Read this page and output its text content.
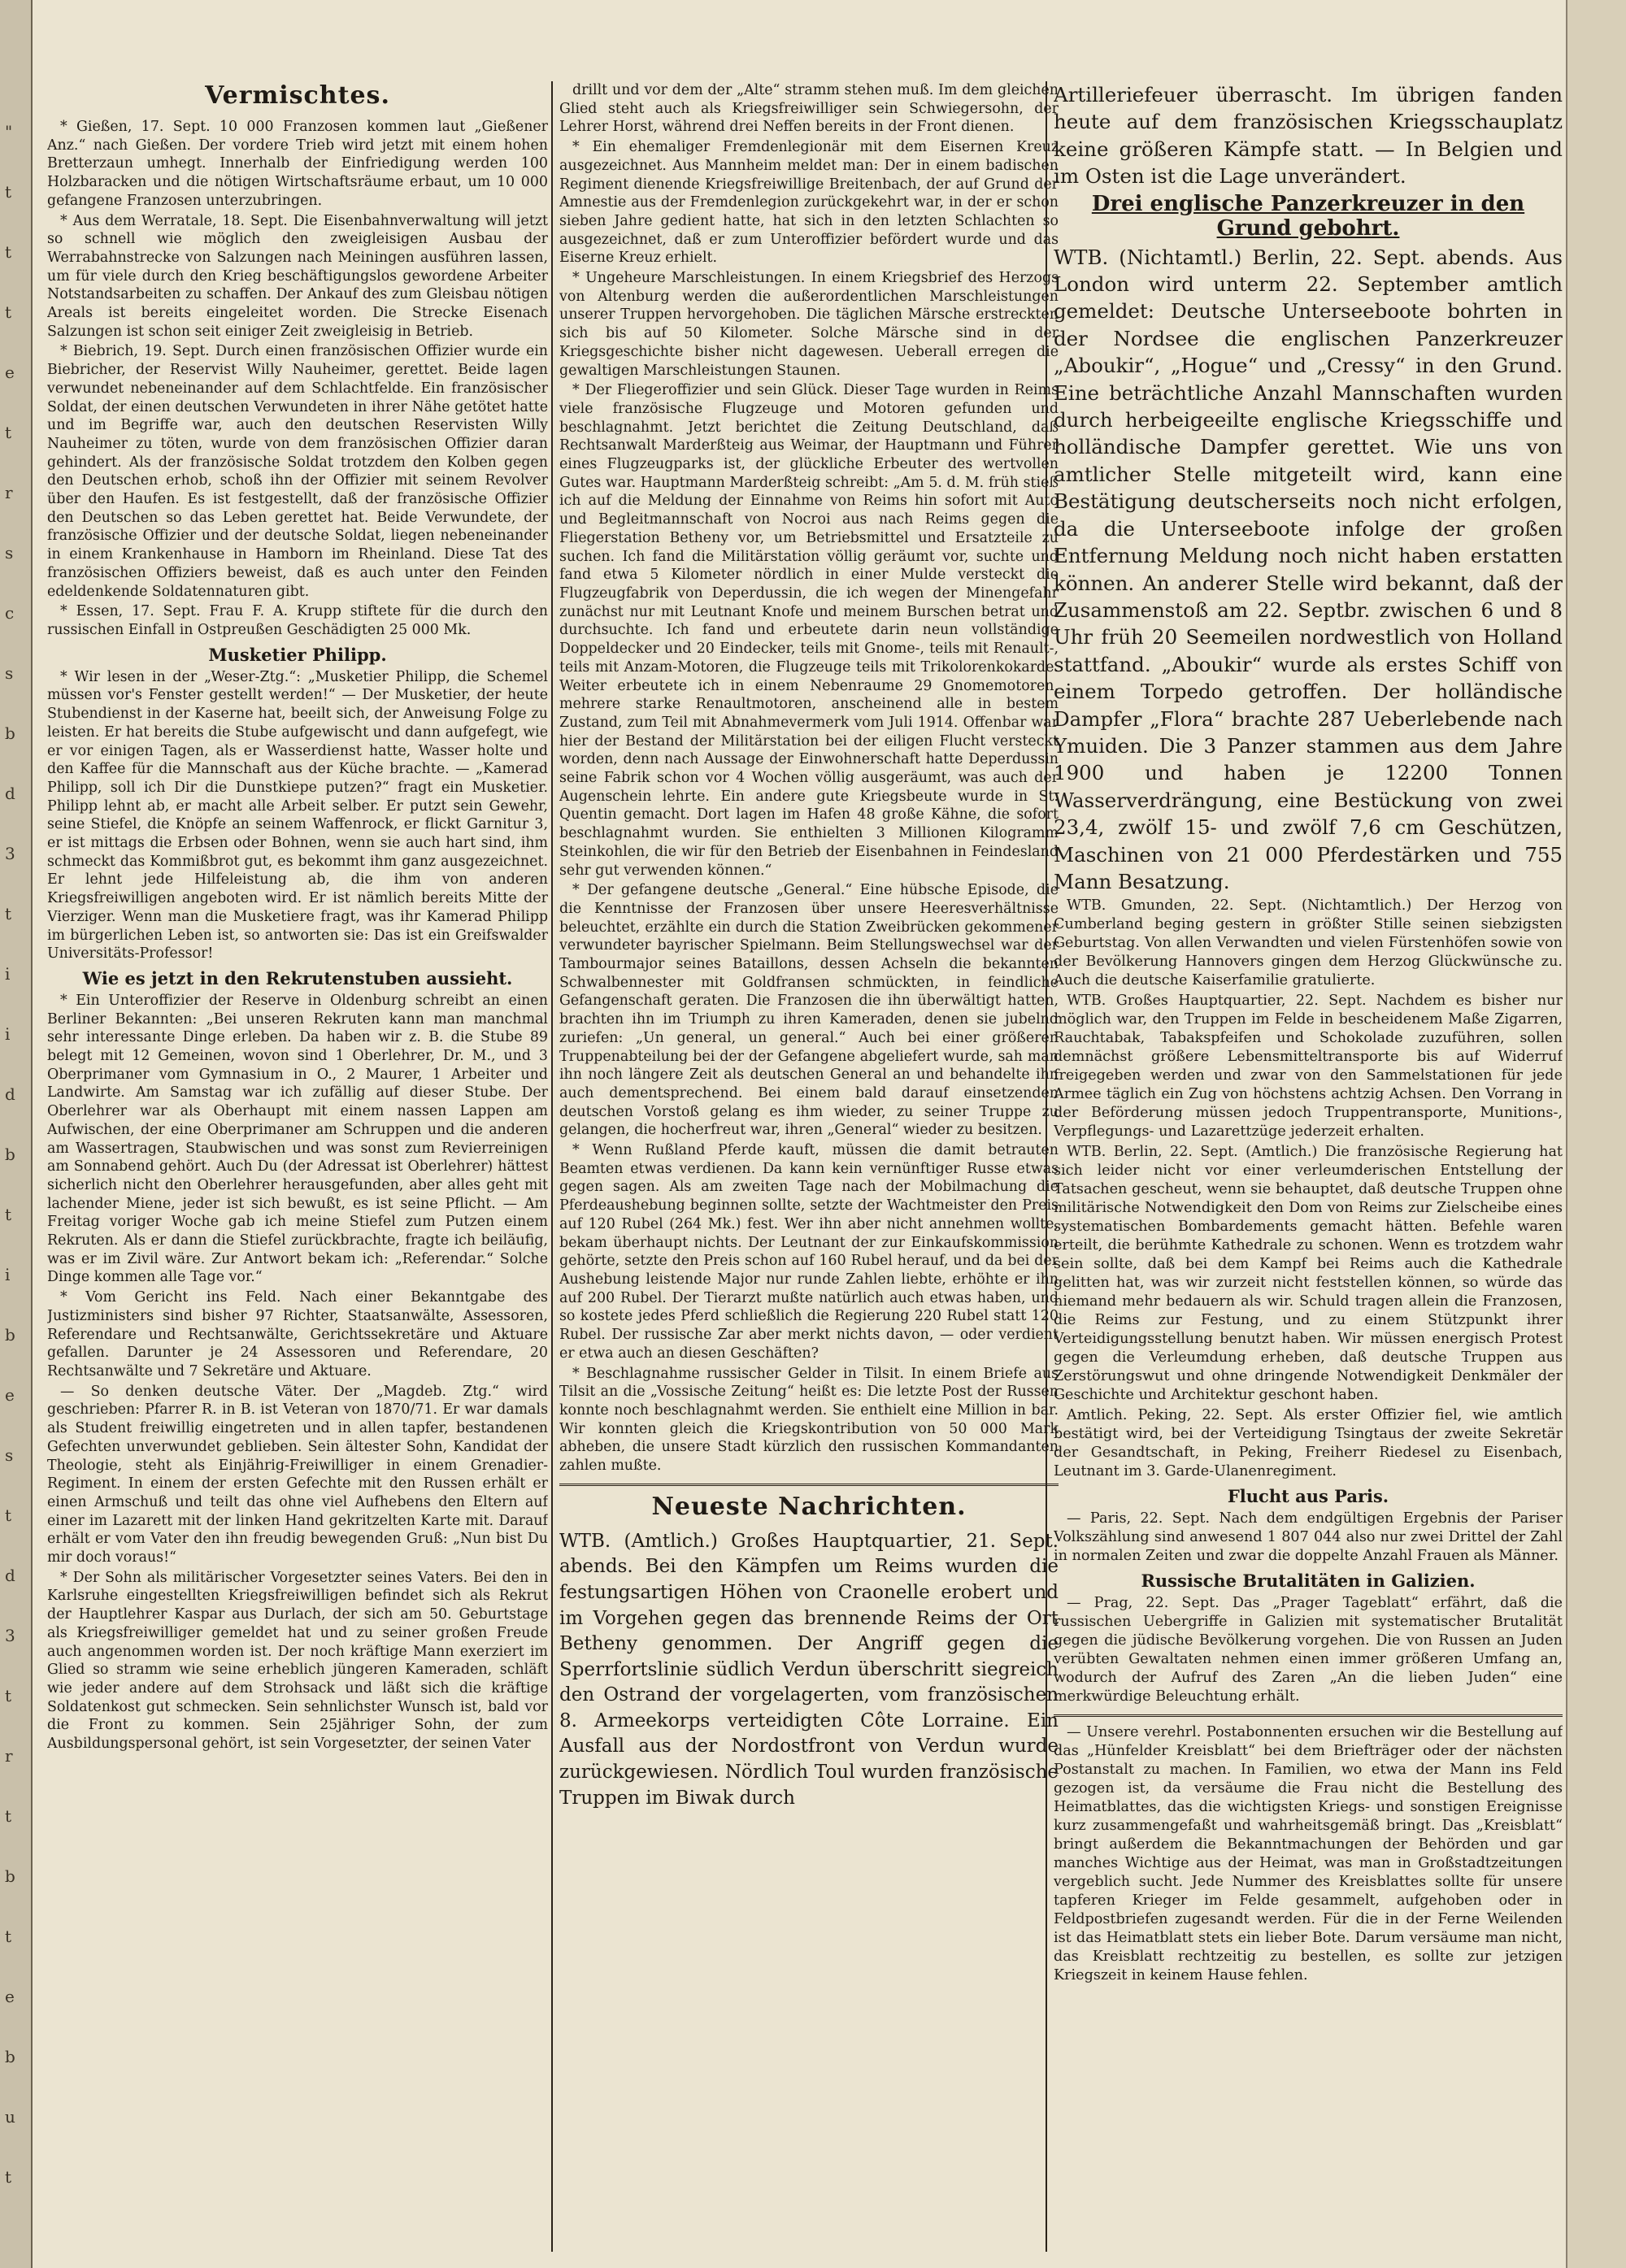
"
t
t
t
e
t
r
s
c
s
b
d
3
t
i
i
d
b
t
i
b
e
s
t
d
3
t
r
t
b
t
e
b
u
t
Vermischtes.

* Gießen, 17. Sept. 10 000 Franzosen kommen laut „Gießener Anz.“ nach Gießen. Der vordere Trieb wird jetzt mit einem hohen Bretterzaun umhegt. Innerhalb der Einfriedigung werden 100 Holzbaracken und die nötigen Wirtschaftsräume erbaut, um 10 000 gefangene Franzosen unterzubringen.

* Aus dem Werratale, 18. Sept. Die Eisenbahnverwaltung will jetzt so schnell wie möglich den zweigleisigen Ausbau der Werrabahnstrecke von Salzungen nach Meiningen ausführen lassen, um für viele durch den Krieg beschäftigungslos gewordene Arbeiter Notstandsarbeiten zu schaffen. Der Ankauf des zum Gleisbau nötigen Areals ist bereits eingeleitet worden. Die Strecke Eisenach Salzungen ist schon seit einiger Zeit zweigleisig in Betrieb.

* Biebrich, 19. Sept. Durch einen französischen Offizier wurde ein Biebricher, der Reservist Willy Nauheimer, gerettet. Beide lagen verwundet nebeneinander auf dem Schlachtfelde. Ein französischer Soldat, der einen deutschen Verwundeten in ihrer Nähe getötet hatte und im Begriffe war, auch den deutschen Reservisten Willy Nauheimer zu töten, wurde von dem französischen Offizier daran gehindert. Als der französische Soldat trotzdem den Kolben gegen den Deutschen erhob, schoß ihn der Offizier mit seinem Revolver über den Haufen. Es ist festgestellt, daß der französische Offizier den Deutschen so das Leben gerettet hat. Beide Verwundete, der französische Offizier und der deutsche Soldat, liegen nebeneinander in einem Krankenhause in Hamborn im Rheinland. Diese Tat des französischen Offiziers beweist, daß es auch unter den Feinden edeldenkende Soldatennaturen gibt.

* Essen, 17. Sept. Frau F. A. Krupp stiftete für die durch den russischen Einfall in Ostpreußen Geschädigten 25 000 Mk.

Musketier Philipp.

* Wir lesen in der „Weser-Ztg.“: „Musketier Philipp, die Schemel müssen vor's Fenster gestellt werden!“ — Der Musketier, der heute Stubendienst in der Kaserne hat, beeilt sich, der Anweisung Folge zu leisten. Er hat bereits die Stube aufgewischt und dann aufgefegt, wie er vor einigen Tagen, als er Wasserdienst hatte, Wasser holte und den Kaffee für die Mannschaft aus der Küche brachte. — „Kamerad Philipp, soll ich Dir die Dunstkiepe putzen?“ fragt ein Musketier. Philipp lehnt ab, er macht alle Arbeit selber. Er putzt sein Gewehr, seine Stiefel, die Knöpfe an seinem Waffenrock, er flickt Garnitur 3, er ist mittags die Erbsen oder Bohnen, wenn sie auch hart sind, ihm schmeckt das Kommißbrot gut, es bekommt ihm ganz ausgezeichnet. Er lehnt jede Hilfeleistung ab, die ihm von anderen Kriegsfreiwilligen angeboten wird. Er ist nämlich bereits Mitte der Vierziger. Wenn man die Musketiere fragt, was ihr Kamerad Philipp im bürgerlichen Leben ist, so antworten sie: Das ist ein Greifswalder Universitäts-Professor!

Wie es jetzt in den Rekrutenstuben aussieht.

* Ein Unteroffizier der Reserve in Oldenburg schreibt an einen Berliner Bekannten: „Bei unseren Rekruten kann man manchmal sehr interessante Dinge erleben. Da haben wir z. B. die Stube 89 belegt mit 12 Gemeinen, wovon sind 1 Oberlehrer, Dr. M., und 3 Oberprimaner vom Gymnasium in O., 2 Maurer, 1 Arbeiter und Landwirte. Am Samstag war ich zufällig auf dieser Stube. Der Oberlehrer war als Oberhaupt mit einem nassen Lappen am Aufwischen, der eine Oberprimaner am Schruppen und die anderen am Wassertragen, Staubwischen und was sonst zum Revierreinigen am Sonnabend gehört. Auch Du (der Adressat ist Oberlehrer) hättest sicherlich nicht den Oberlehrer herausgefunden, aber alles geht mit lachender Miene, jeder ist sich bewußt, es ist seine Pflicht. — Am Freitag voriger Woche gab ich meine Stiefel zum Putzen einem Rekruten. Als er dann die Stiefel zurückbrachte, fragte ich beiläufig, was er im Zivil wäre. Zur Antwort bekam ich: „Referendar.“ Solche Dinge kommen alle Tage vor.“

* Vom Gericht ins Feld. Nach einer Bekanntgabe des Justizministers sind bisher 97 Richter, Staatsanwälte, Assessoren, Referendare und Rechtsanwälte, Gerichtssekretäre und Aktuare gefallen. Darunter je 24 Assessoren und Referendare, 20 Rechtsanwälte und 7 Sekretäre und Aktuare.

— So denken deutsche Väter. Der „Magdeb. Ztg.“ wird geschrieben: Pfarrer R. in B. ist Veteran von 1870/71. Er war damals als Student freiwillig eingetreten und in allen tapfer, bestandenen Gefechten unverwundet geblieben. Sein ältester Sohn, Kandidat der Theologie, steht als Einjährig-Freiwilliger in einem Grenadier-Regiment. In einem der ersten Gefechte mit den Russen erhält er einen Armschuß und teilt das ohne viel Aufhebens den Eltern auf einer im Lazarett mit der linken Hand gekritzelten Karte mit. Darauf erhält er vom Vater den ihn freudig bewegenden Gruß: „Nun bist Du mir doch voraus!“

* Der Sohn als militärischer Vorgesetzter seines Vaters. Bei den in Karlsruhe eingestellten Kriegsfreiwilligen befindet sich als Rekrut der Hauptlehrer Kaspar aus Durlach, der sich am 50. Geburtstage als Kriegsfreiwilliger gemeldet hat und zu seiner großen Freude auch angenommen worden ist. Der noch kräftige Mann exerziert im Glied so stramm wie seine erheblich jüngeren Kameraden, schläft wie jeder andere auf dem Strohsack und läßt sich die kräftige Soldatenkost gut schmecken. Sein sehnlichster Wunsch ist, bald vor die Front zu kommen. Sein 25jähriger Sohn, der zum Ausbildungspersonal gehört, ist sein Vorgesetzter, der seinen Vater

drillt und vor dem der „Alte“ stramm stehen muß. Im dem gleichen Glied steht auch als Kriegsfreiwilliger sein Schwiegersohn, der Lehrer Horst, während drei Neffen bereits in der Front dienen.

* Ein ehemaliger Fremdenlegionär mit dem Eisernen Kreuz ausgezeichnet. Aus Mannheim meldet man: Der in einem badischen Regiment dienende Kriegsfreiwillige Breitenbach, der auf Grund der Amnestie aus der Fremdenlegion zurückgekehrt war, in der er schon sieben Jahre gedient hatte, hat sich in den letzten Schlachten so ausgezeichnet, daß er zum Unteroffizier befördert wurde und das Eiserne Kreuz erhielt.

* Ungeheure Marschleistungen. In einem Kriegsbrief des Herzogs von Altenburg werden die außerordentlichen Marschleistungen unserer Truppen hervorgehoben. Die täglichen Märsche erstreckten sich bis auf 50 Kilometer. Solche Märsche sind in der Kriegsgeschichte bisher nicht dagewesen. Ueberall erregen die gewaltigen Marschleistungen Staunen.

* Der Fliegeroffizier und sein Glück. Dieser Tage wurden in Reims viele französische Flugzeuge und Motoren gefunden und beschlagnahmt. Jetzt berichtet die Zeitung Deutschland, daß Rechtsanwalt Marderßteig aus Weimar, der Hauptmann und Führer eines Flugzeugparks ist, der glückliche Erbeuter des wertvollen Gutes war. Hauptmann Marderßteig schreibt: „Am 5. d. M. früh stieß ich auf die Meldung der Einnahme von Reims hin sofort mit Auto und Begleitmannschaft von Nocroi aus nach Reims gegen die Fliegerstation Betheny vor, um Betriebsmittel und Ersatzteile zu suchen. Ich fand die Militärstation völlig geräumt vor, suchte und fand etwa 5 Kilometer nördlich in einer Mulde versteckt die Flugzeugfabrik von Deperdussin, die ich wegen der Minengefahr zunächst nur mit Leutnant Knofe und meinem Burschen betrat und durchsuchte. Ich fand und erbeutete darin neun vollständige Doppeldecker und 20 Eindecker, teils mit Gnome-, teils mit Renault-, teils mit Anzam-Motoren, die Flugzeuge teils mit Trikolorenkokarde. Weiter erbeutete ich in einem Nebenraume 29 Gnomemotoren, mehrere starke Renaultmotoren, anscheinend alle in bestem Zustand, zum Teil mit Abnahmevermerk vom Juli 1914. Offenbar war hier der Bestand der Militärstation bei der eiligen Flucht versteckt worden, denn nach Aussage der Einwohnerschaft hatte Deperdussin seine Fabrik schon vor 4 Wochen völlig ausgeräumt, was auch der Augenschein lehrte. Ein andere gute Kriegsbeute wurde in St. Quentin gemacht. Dort lagen im Hafen 48 große Kähne, die sofort beschlagnahmt wurden. Sie enthielten 3 Millionen Kilogramm Steinkohlen, die wir für den Betrieb der Eisenbahnen in Feindesland sehr gut verwenden können.“

* Der gefangene deutsche „General.“ Eine hübsche Episode, die die Kenntnisse der Franzosen über unsere Heeresverhältnisse beleuchtet, erzählte ein durch die Station Zweibrücken gekommener verwundeter bayrischer Spielmann. Beim Stellungswechsel war der Tambourmajor seines Bataillons, dessen Achseln die bekannten Schwalbennester mit Goldfransen schmückten, in feindliche Gefangenschaft geraten. Die Franzosen die ihn überwältigt hatten, brachten ihn im Triumph zu ihren Kameraden, denen sie jubelnd zuriefen: „Un general, un general.“ Auch bei einer größeren Truppenabteilung bei der der Gefangene abgeliefert wurde, sah man ihn noch längere Zeit als deutschen General an und behandelte ihn auch dementsprechend. Bei einem bald darauf einsetzenden deutschen Vorstoß gelang es ihm wieder, zu seiner Truppe zu gelangen, die hocherfreut war, ihren „General“ wieder zu besitzen.

* Wenn Rußland Pferde kauft, müssen die damit betrauten Beamten etwas verdienen. Da kann kein vernünftiger Russe etwas gegen sagen. Als am zweiten Tage nach der Mobilmachung die Pferdeaushebung beginnen sollte, setzte der Wachtmeister den Preis auf 120 Rubel (264 Mk.) fest. Wer ihn aber nicht annehmen wollte, bekam überhaupt nichts. Der Leutnant der zur Einkaufskommission gehörte, setzte den Preis schon auf 160 Rubel herauf, und da bei der Aushebung leistende Major nur runde Zahlen liebte, erhöhte er ihn auf 200 Rubel. Der Tierarzt mußte natürlich auch etwas haben, und so kostete jedes Pferd schließlich die Regierung 220 Rubel statt 120 Rubel. Der russische Zar aber merkt nichts davon, — oder verdient er etwa auch an diesen Geschäften?

* Beschlagnahme russischer Gelder in Tilsit. In einem Briefe aus Tilsit an die „Vossische Zeitung“ heißt es: Die letzte Post der Russen konnte noch beschlagnahmt werden. Sie enthielt eine Million in bar. Wir konnten gleich die Kriegskontribution von 50 000 Mark abheben, die unsere Stadt kürzlich den russischen Kommandanten zahlen mußte.

Neueste Nachrichten.

WTB. (Amtlich.) Großes Hauptquartier, 21. Sept. abends. Bei den Kämpfen um Reims wurden die festungsartigen Höhen von Craonelle erobert und im Vorgehen gegen das brennende Reims der Ort Betheny genommen. Der Angriff gegen die Sperrfortslinie südlich Verdun überschritt siegreich den Ostrand der vorgelagerten, vom französischen 8. Armeekorps verteidigten Côte Lorraine. Ein Ausfall aus der Nordostfront von Verdun wurde zurückgewiesen. Nördlich Toul wurden französische Truppen im Biwak durch

Artilleriefeuer überrascht. Im übrigen fanden heute auf dem französischen Kriegsschauplatz keine größeren Kämpfe statt. — In Belgien und im Osten ist die Lage unverändert.

Drei englische Panzerkreuzer in den Grund gebohrt.

WTB. (Nichtamtl.) Berlin, 22. Sept. abends. Aus London wird unterm 22. September amtlich gemeldet: Deutsche Unterseeboote bohrten in der Nordsee die englischen Panzerkreuzer „Aboukir“, „Hogue“ und „Cressy“ in den Grund. Eine beträchtliche Anzahl Mannschaften wurden durch herbeigeeilte englische Kriegsschiffe und holländische Dampfer gerettet. Wie uns von amtlicher Stelle mitgeteilt wird, kann eine Bestätigung deutscherseits noch nicht erfolgen, da die Unterseeboote infolge der großen Entfernung Meldung noch nicht haben erstatten können. An anderer Stelle wird bekannt, daß der Zusammenstoß am 22. Septbr. zwischen 6 und 8 Uhr früh 20 Seemeilen nordwestlich von Holland stattfand. „Aboukir“ wurde als erstes Schiff von einem Torpedo getroffen. Der holländische Dampfer „Flora“ brachte 287 Ueberlebende nach Ymuiden. Die 3 Panzer stammen aus dem Jahre 1900 und haben je 12200 Tonnen Wasserverdrängung, eine Bestückung von zwei 23,4, zwölf 15- und zwölf 7,6 cm Geschützen, Maschinen von 21 000 Pferdestärken und 755 Mann Besatzung.

WTB. Gmunden, 22. Sept. (Nichtamtlich.) Der Herzog von Cumberland beging gestern in größter Stille seinen siebzigsten Geburtstag. Von allen Verwandten und vielen Fürstenhöfen sowie von der Bevölkerung Hannovers gingen dem Herzog Glückwünsche zu. Auch die deutsche Kaiserfamilie gratulierte.

WTB. Großes Hauptquartier, 22. Sept. Nachdem es bisher nur möglich war, den Truppen im Felde in bescheidenem Maße Zigarren, Rauchtabak, Tabakspfeifen und Schokolade zuzuführen, sollen demnächst größere Lebensmitteltransporte bis auf Widerruf freigegeben werden und zwar von den Sammelstationen für jede Armee täglich ein Zug von höchstens achtzig Achsen. Den Vorrang in der Beförderung müssen jedoch Truppentransporte, Munitions-, Verpflegungs- und Lazarettzüge jederzeit erhalten.

WTB. Berlin, 22. Sept. (Amtlich.) Die französische Regierung hat sich leider nicht vor einer verleumderischen Entstellung der Tatsachen gescheut, wenn sie behauptet, daß deutsche Truppen ohne militärische Notwendigkeit den Dom von Reims zur Zielscheibe eines systematischen Bombardements gemacht hätten. Befehle waren erteilt, die berühmte Kathedrale zu schonen. Wenn es trotzdem wahr sein sollte, daß bei dem Kampf bei Reims auch die Kathedrale gelitten hat, was wir zurzeit nicht feststellen können, so würde das niemand mehr bedauern als wir. Schuld tragen allein die Franzosen, die Reims zur Festung, und zu einem Stützpunkt ihrer Verteidigungsstellung benutzt haben. Wir müssen energisch Protest gegen die Verleumdung erheben, daß deutsche Truppen aus Zerstörungswut und ohne dringende Notwendigkeit Denkmäler der Geschichte und Architektur geschont haben.

Amtlich. Peking, 22. Sept. Als erster Offizier fiel, wie amtlich bestätigt wird, bei der Verteidigung Tsingtaus der zweite Sekretär der Gesandtschaft, in Peking, Freiherr Riedesel zu Eisenbach, Leutnant im 3. Garde-Ulanenregiment.

Flucht aus Paris.

— Paris, 22. Sept. Nach dem endgültigen Ergebnis der Pariser Volkszählung sind anwesend 1 807 044 also nur zwei Drittel der Zahl in normalen Zeiten und zwar die doppelte Anzahl Frauen als Männer.

Russische Brutalitäten in Galizien.

— Prag, 22. Sept. Das „Prager Tageblatt“ erfährt, daß die russischen Uebergriffe in Galizien mit systematischer Brutalität gegen die jüdische Bevölkerung vorgehen. Die von Russen an Juden verübten Gewaltaten nehmen einen immer größeren Umfang an, wodurch der Aufruf des Zaren „An die lieben Juden“ eine merkwürdige Beleuchtung erhält.

— Unsere verehrl. Postabonnenten ersuchen wir die Bestellung auf das „Hünfelder Kreisblatt“ bei dem Briefträger oder der nächsten Postanstalt zu machen. In Familien, wo etwa der Mann ins Feld gezogen ist, da versäume die Frau nicht die Bestellung des Heimatblattes, das die wichtigsten Kriegs- und sonstigen Ereignisse kurz zusammengefaßt und wahrheitsgemäß bringt. Das „Kreisblatt“ bringt außerdem die Bekanntmachungen der Behörden und gar manches Wichtige aus der Heimat, was man in Großstadtzeitungen vergeblich sucht. Jede Nummer des Kreisblattes sollte für unsere tapferen Krieger im Felde gesammelt, aufgehoben oder in Feldpostbriefen zugesandt werden. Für die in der Ferne Weilenden ist das Heimatblatt stets ein lieber Bote. Darum versäume man nicht, das Kreisblatt rechtzeitig zu bestellen, es sollte zur jetzigen Kriegszeit in keinem Hause fehlen.
